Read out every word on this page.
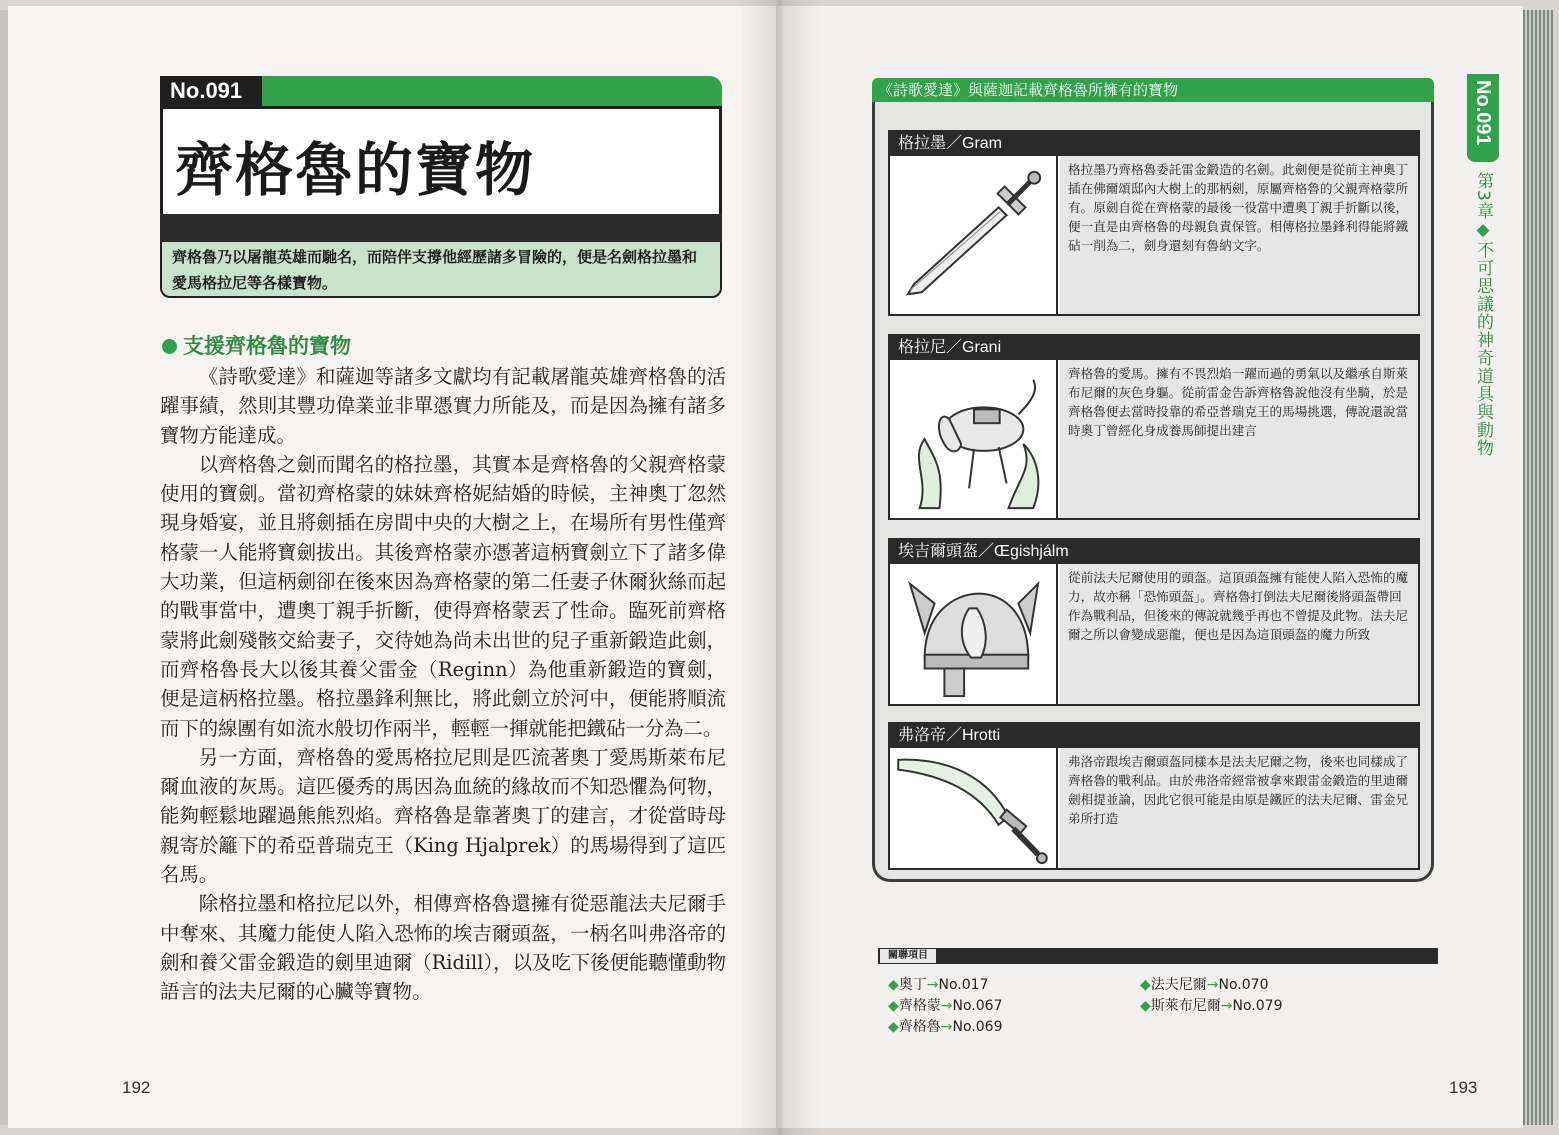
No.091
齊格魯的寶物
齊格魯乃以屠龍英雄而馳名，而陪伴支撐他經歷諸多冒險的，便是名劍格拉墨和愛馬格拉尼等各樣寶物。
支援齊格魯的寶物

《詩歌愛達》和薩迦等諸多文獻均有記載屠龍英雄齊格魯的活躍事績，然則其豐功偉業並非單憑實力所能及，而是因為擁有諸多寶物方能達成。

以齊格魯之劍而聞名的格拉墨，其實本是齊格魯的父親齊格蒙使用的寶劍。當初齊格蒙的妹妹齊格妮結婚的時候，主神奧丁忽然現身婚宴，並且將劍插在房間中央的大樹之上，在場所有男性僅齊格蒙一人能將寶劍拔出。其後齊格蒙亦憑著這柄寶劍立下了諸多偉大功業，但這柄劍卻在後來因為齊格蒙的第二任妻子休爾狄絲而起的戰事當中，遭奧丁親手折斷，使得齊格蒙丟了性命。臨死前齊格蒙將此劍殘骸交給妻子，交待她為尚未出世的兒子重新鍛造此劍，而齊格魯長大以後其養父雷金（Reginn）為他重新鍛造的寶劍，便是這柄格拉墨。格拉墨鋒利無比，將此劍立於河中，便能將順流而下的線團有如流水般切作兩半，輕輕一揮就能把鐵砧一分為二。

另一方面，齊格魯的愛馬格拉尼則是匹流著奧丁愛馬斯萊布尼爾血液的灰馬。這匹優秀的馬因為血統的緣故而不知恐懼為何物，能夠輕鬆地躍過熊熊烈焰。齊格魯是靠著奧丁的建言，才從當時母親寄於籬下的希亞普瑞克王（King Hjalprek）的馬場得到了這匹名馬。

除格拉墨和格拉尼以外，相傳齊格魯還擁有從惡龍法夫尼爾手中奪來、其魔力能使人陷入恐怖的埃吉爾頭盔，一柄名叫弗洛帝的劍和養父雷金鍛造的劍里迪爾（Ridill），以及吃下後便能聽懂動物語言的法夫尼爾的心臟等寶物。

192
《詩歌愛達》與薩迦記載齊格魯所擁有的寶物
格拉墨／Gram
格拉墨乃齊格魯委託雷金鍛造的名劍。此劍便是從前主神奧丁插在佛爾頌邸內大樹上的那柄劍，原屬齊格魯的父親齊格蒙所有。原劍自從在齊格蒙的最後一役當中遭奧丁親手折斷以後，便一直是由齊格魯的母親負責保管。相傳格拉墨鋒利得能將鐵砧一削為二，劍身還刻有魯納文字。
格拉尼／Grani
齊格魯的愛馬。擁有不畏烈焰一躍而過的勇氣以及繼承自斯萊布尼爾的灰色身軀。從前雷金告訴齊格魯說他沒有坐騎，於是齊格魯便去當時投靠的希亞普瑞克王的馬場挑選，傳說還說當時奧丁曾經化身成養馬師提出建言
埃吉爾頭盔／Œgishjálm
從前法夫尼爾使用的頭盔。這頂頭盔擁有能使人陷入恐怖的魔力，故亦稱「恐怖頭盔」。齊格魯打倒法夫尼爾後將頭盔帶回作為戰利品，但後來的傳說就幾乎再也不曾提及此物。法夫尼爾之所以會變成惡龍，便也是因為這頂頭盔的魔力所致
弗洛帝／Hrotti
弗洛帝跟埃吉爾頭盔同樣本是法夫尼爾之物，後來也同樣成了齊格魯的戰利品。由於弗洛帝經常被拿來跟雷金鍛造的里迪爾劍相提並論，因此它很可能是由原是鐵匠的法夫尼爾、雷金兄弟所打造
No.091
第3章◆不可思議的神奇道具與動物
關聯項目
◆奧丁→No.017
◆齊格蒙→No.067
◆齊格魯→No.069
◆法夫尼爾→No.070
◆斯萊布尼爾→No.079
193
